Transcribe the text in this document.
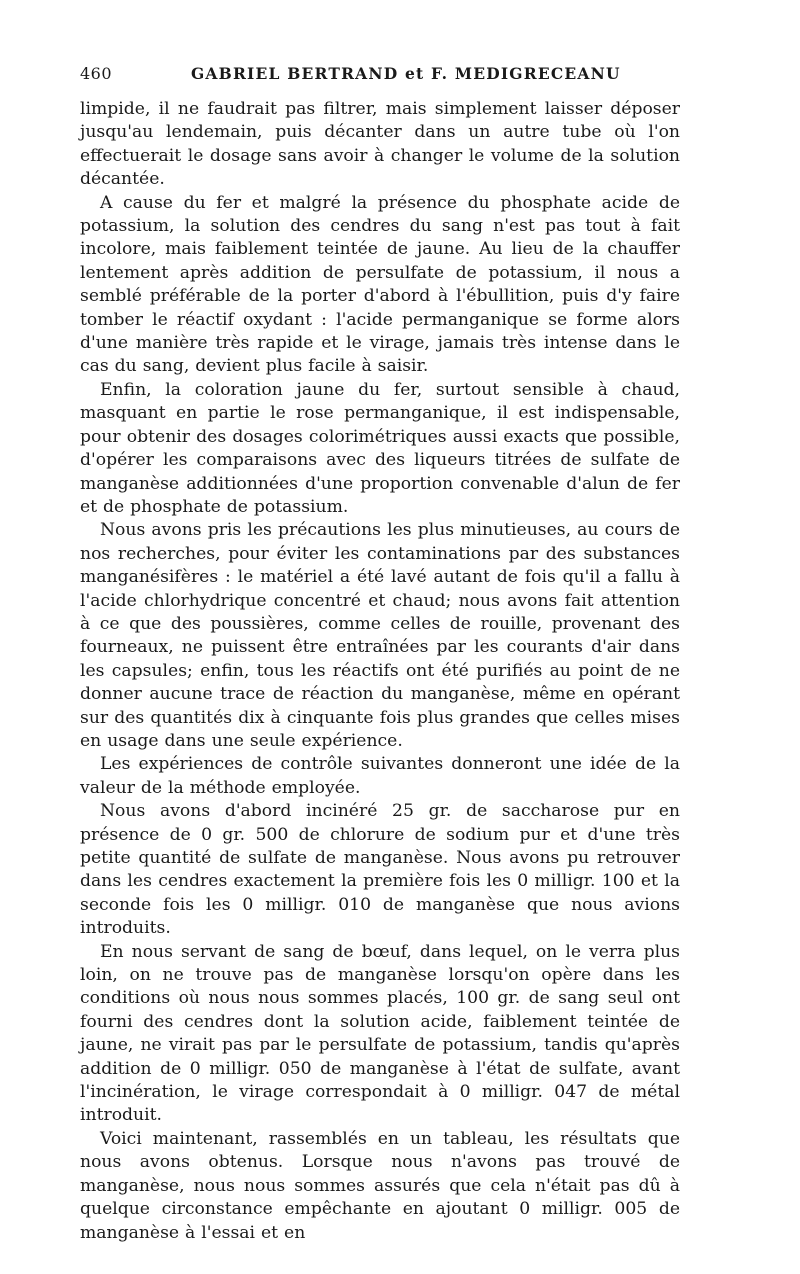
460	GABRIEL BERTRAND et F. MEDIGRECEANU

limpide, il ne faudrait pas filtrer, mais simplement laisser déposer jusqu'au lendemain, puis décanter dans un autre tube où l'on effectuerait le dosage sans avoir à changer le volume de la solution décantée.

A cause du fer et malgré la présence du phosphate acide de potassium, la solution des cendres du sang n'est pas tout à fait incolore, mais faiblement teintée de jaune. Au lieu de la chauffer lentement après addition de persulfate de potassium, il nous a semblé préférable de la porter d'abord à l'ébullition, puis d'y faire tomber le réactif oxydant : l'acide permanganique se forme alors d'une manière très rapide et le virage, jamais très intense dans le cas du sang, devient plus facile à saisir.

Enfin, la coloration jaune du fer, surtout sensible à chaud, masquant en partie le rose permanganique, il est indispensable, pour obtenir des dosages colorimétriques aussi exacts que possible, d'opérer les comparaisons avec des liqueurs titrées de sulfate de manganèse additionnées d'une proportion convenable d'alun de fer et de phosphate de potassium.

Nous avons pris les précautions les plus minutieuses, au cours de nos recherches, pour éviter les contaminations par des substances manganésifères : le matériel a été lavé autant de fois qu'il a fallu à l'acide chlorhydrique concentré et chaud; nous avons fait attention à ce que des poussières, comme celles de rouille, provenant des fourneaux, ne puissent être entraînées par les courants d'air dans les capsules; enfin, tous les réactifs ont été purifiés au point de ne donner aucune trace de réaction du manganèse, même en opérant sur des quantités dix à cinquante fois plus grandes que celles mises en usage dans une seule expérience.

Les expériences de contrôle suivantes donneront une idée de la valeur de la méthode employée.

Nous avons d'abord incinéré 25 gr. de saccharose pur en présence de 0 gr. 500 de chlorure de sodium pur et d'une très petite quantité de sulfate de manganèse. Nous avons pu retrouver dans les cendres exactement la première fois les 0 milligr. 100 et la seconde fois les 0 milligr. 010 de manganèse que nous avions introduits.

En nous servant de sang de bœuf, dans lequel, on le verra plus loin, on ne trouve pas de manganèse lorsqu'on opère dans les conditions où nous nous sommes placés, 100 gr. de sang seul ont fourni des cendres dont la solution acide, faiblement teintée de jaune, ne virait pas par le persulfate de potassium, tandis qu'après addition de 0 milligr. 050 de manganèse à l'état de sulfate, avant l'incinération, le virage correspondait à 0 milligr. 047 de métal introduit.

Voici maintenant, rassemblés en un tableau, les résultats que nous avons obtenus. Lorsque nous n'avons pas trouvé de manganèse, nous nous sommes assurés que cela n'était pas dû à quelque circonstance empêchante en ajoutant 0 milligr. 005 de manganèse à l'essai et en
